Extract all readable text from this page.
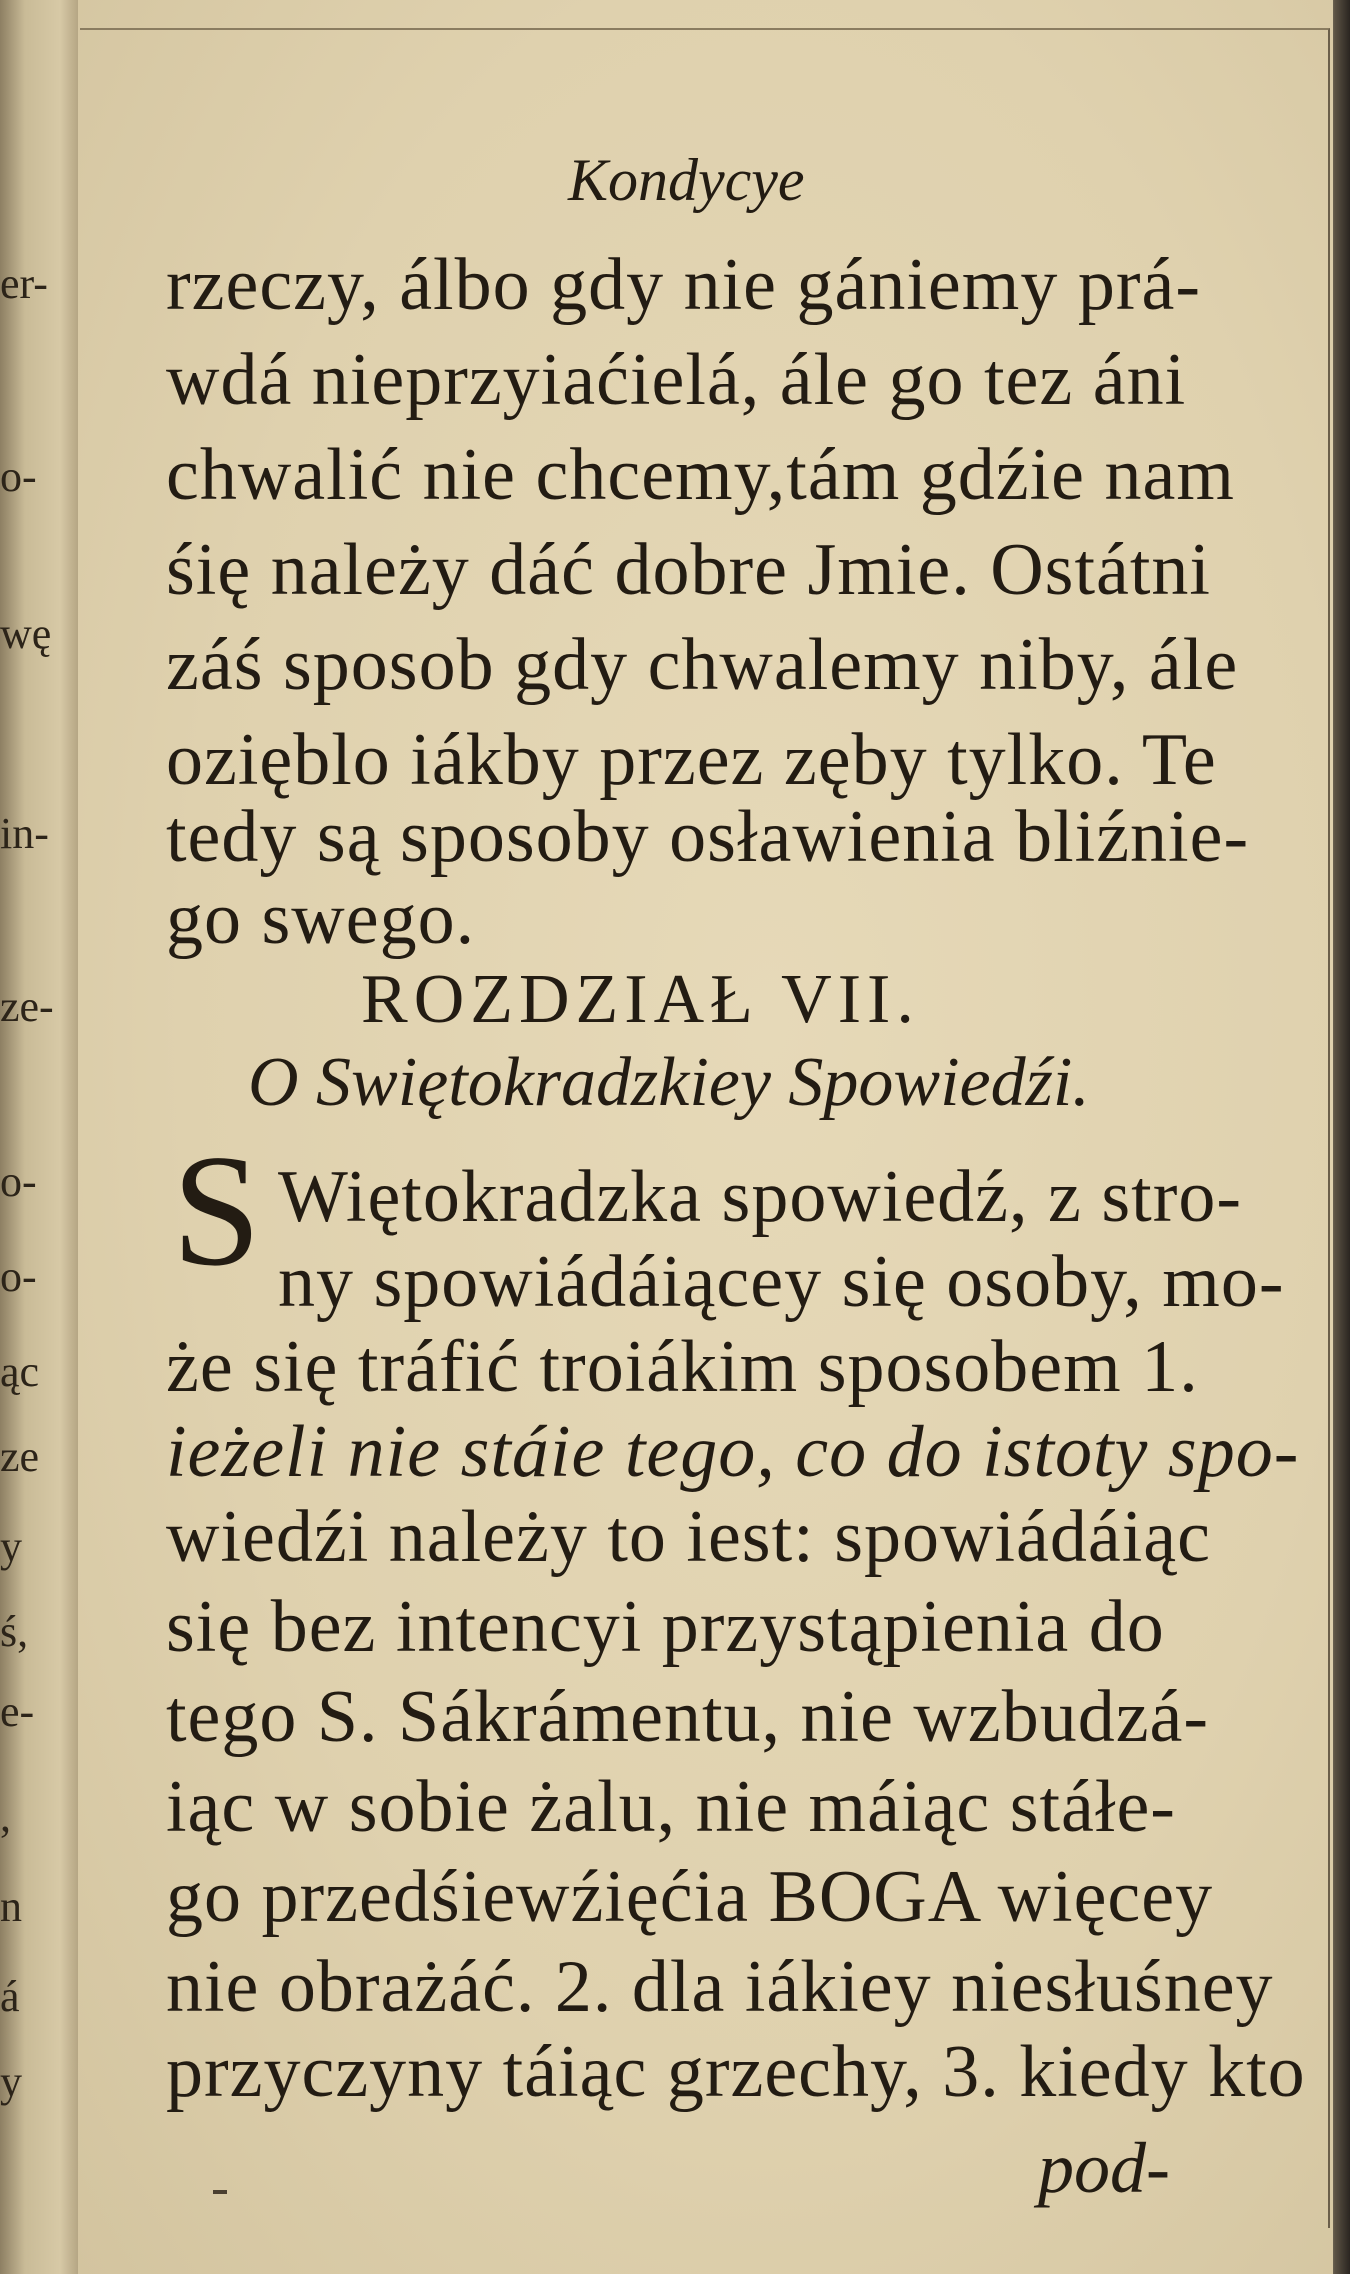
er-
o-
wę
in-
ze-
o-
o-
ąc
ze
y
ś,
e-
,
n
á
y
Kondycye
rzeczy, álbo gdy nie gániemy prá-
wdá nieprzyiaćielá, ále go tez áni
chwalić nie chcemy,tám gdźie nam
śię należy dáć dobre Jmie. Ostátni
záś sposob gdy chwalemy niby, ále
ozięblo iákby przez zęby tylko. Te
tedy są sposoby osławienia bliźnie-
go swego.
ROZDZIAŁ VII.
O Swiętokradzkiey Spowiedźi.
S Więtokradzka spowiedź, z stro-
ny spowiádáiącey się osoby, mo-
że się tráfić troiákim sposobem 1.
ieżeli nie stáie tego, co do istoty spo-
wiedźi należy to iest: spowiádáiąc
się bez intencyi przystąpienia do
tego S. Sákrámentu, nie wzbudzá-
iąc w sobie żalu, nie máiąc stáłe-
go przedśiewźięćia BOGA więcey
nie obrażáć. 2. dla iákiey niesłuśney
przyczyny táiąc grzechy, 3. kiedy kto
pod-
